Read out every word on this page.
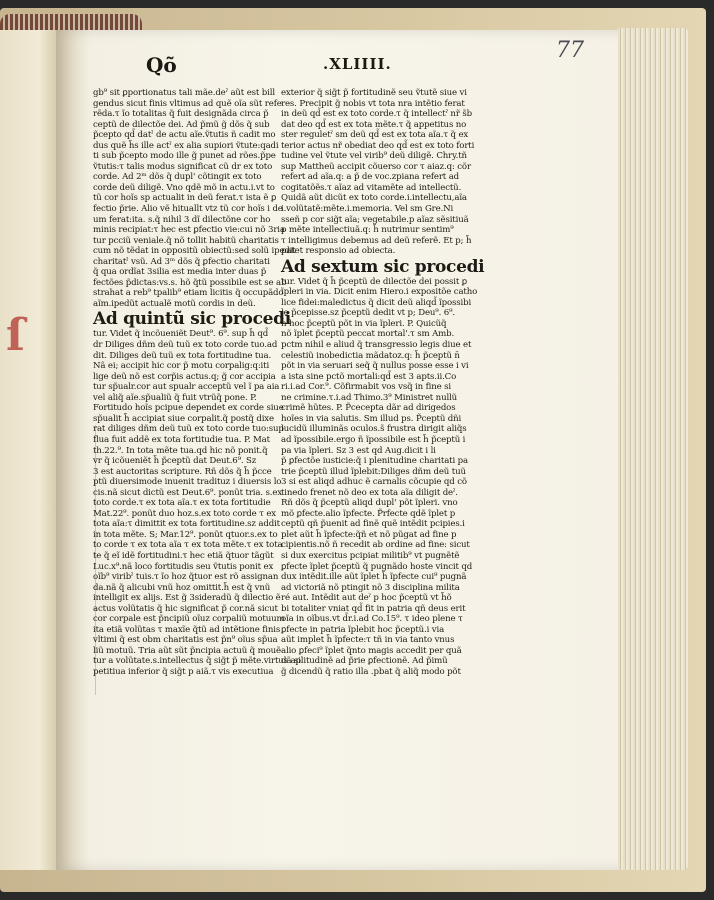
ſ
Qõ	.XLIIII.
77
gb⁹ sit ꝑportionatus tali mãe.deˀ aũt est bill
gendus sicut finis vltimus ad quẽ oĩa sũt refe
rẽda.τ ĩo totalitas q̃ fuit designãda circa p̃
ceptũ de dilectõe dei. Ad p̃mũ g̃ dõs q̃ sub
p̃cepto qd̃ datˀ de actu aĩe.ṽtutis ñ cadit mo
dus quẽ h̃s ille actˀ ex alia supiori ṽtute:qadi
ti sub p̃cepto modo ille g̃ punet ad rões.p̃pe
ṽtutis:τ talis modus significat cũ dr ex toto
corde. Ad 2ᵐ dõs q̃ dupl' cõtingit ex toto
corde deũ diligẽ. Vno qdẽ mõ in actu.i.vt to
tũ cor hoĩs sp actualit in deũ ferat.τ ista ẽ ꝑ
fectio p̃rie. Alio vẽ hituallt vtz tũ cor hoĩs i de
um ferat:ita. s.q̃ nihil 3 dĩ dilectõne cor ho
minis recipiat:τ hec est ꝑfectio vie:cui nõ 3ria
tur pcciũ veniale.q̃ nõ tollit habitũ charitatis
cum nõ tẽdat in oppositũ obiectũ:sed solũ ipedit
charitatˀ vsũ. Ad 3ᵐ dõs q̃ ꝑfectio charitati
q̃ qua ordĩat 3silia est media inter duas p̃
fectões p̃dictas:vs.s. hõ q̃tũ possibile est se ab
strahat a reb⁹ tpalib⁹ etiam licitis q̃ occupãdo
aĩm.ipedũt actualẽ motũ cordis in deũ.
Ad quintũ sic procedi
tur. Videt q̃ incõueniẽt Deut⁹. 6⁹. sup h̃ qd̃
dr Diliges dñm deũ tuũ ex toto corde tuo.ad
dit. Diliges deũ tuũ ex tota fortitudine tua.
Nã ei; accipit hic cor p̃ motu corpalig:q:iti
lige deũ nõ est corp̃is actus.q; g̃ cor accipia
tur sp̃ualr.cor aut spualr acceptũ vel ĩ pa aia
vel aliq̃ aĩe.sp̃ualiũ q̃ fuit vtrũq̃ pone. P.
Fortitudo hoĩs pcipue dependet ex corde siue
sp̃ualit h̃ accipiat siue corpalit.q̃ postq̃ dixe
rat diliges dñm deũ tuũ ex toto corde tuo:sup
flua fuit addẽ ex tota fortitudie tua. P. Mat
th.22.⁹. In tota mẽte tua.qd hic nõ ponit.q̃
vr q̃ icõueniẽt h̃ p̃ceptũ dat Deut.6⁹. Sz
3 est auctoritas scripture. Rñ dõs q̃ h̃ p̃cce
ptũ diuersimode inuenit tradituz i diuersis lo
cis.nã sicut dictũ est Deut.6⁹. ponũt tria. s.ex
toto corde.τ ex tota aĩa.τ ex tota fortitudie
Mat.22⁹. ponũt duo hoz.s.ex toto corde τ ex
tota aĩa:τ dimittit ex tota fortitudine.sz addit
in tota mẽte. S; Mar.12⁹. ponũt qtuor.s.ex to
to corde τ ex tota aĩa τ ex tota mẽte.τ ex tota
te q̃ eĩ idẽ fortitudini.τ hec etiã q̃tuor tãgũt
Luc.x⁹.nã loco fortitudis seu ṽtutis ponit ex
oĩb⁹ viribˀ tuis.τ ĩo hoz q̃tuor est rõ assignan
da.nã q̃ alicubi vnũ hoz omittit.h̃ est q̃ vnũ
intelligit ex alijs. Est g̃ 3sideradũ q̃ dilectio ẽ
actus volũtatis q̃ hic significat p̃ cor.nã sicut
cor corpale est p̃ncipiũ oĩuz corpaliũ motuum
ita etiã volũtas τ maxĩe q̃tũ ad intẽtione finis
vltimi q̃ est obm charitatis est p̃n⁹ oĩus sp̃ua
liũ motuũ. Tria aũt sũt p̃ncipia actuũ q̃ mouẽ
tur a volũtate.s.intellectus q̃ sig̃t p̃ mẽte.virtus ap
petitiua inferior q̃ sig̃t p aiã.τ vis executiua
exterior q̃ sig̃t p̃ fortitudinẽ seu ṽtutẽ siue vi
res. Precipit g̃ nobis vt tota nra intẽtio ferat
in deũ qd̃ est ex toto corde.τ q̃ intellectˀ nr̃ s̃b
dat deo qd̃ est ex tota mẽte.τ q̃ appetitus no
ster reguletˀ sm deũ qd̃ est ex tota aĩa.τ q̃ ex
terior actus nr̃ obediat deo qd̃ est ex toto forti
tudine vel ṽtute vel virib⁹ deũ diligẽ. Chry.tñ
sup Mattheũ accipit cõuerso cor τ aiaz.q: cõr
refert ad aĩa.q: a p̃ de voc.zpiana refert ad
cogitatõẽs.τ aĩaz ad vitamẽte ad intellectũ.
Quidã aũt dicũt ex toto corde.i.intellectu,aĩa
i.volũtatẽ:mẽte.i.memoria. Vel sm Gre.Ni
sseñ p cor sig̃t aĩa; vegetabile.p aĩaz sẽsitiuã
p mẽte intellectiuã.q: h̃ nutrimur sentim⁹
τ intelligimus debemus ad deũ referẽ. Et p; h̃
patet responsio ad obiecta.
Ad sextum sic procedi
tur. Videt q̃ h̃ p̃ceptũ de dilectõe dei possit ꝑ
ĩpleri in via. Dicit enim Hiero.i expositõe catho
lice fidei:maledictus q̃ dicit deũ aliqd̃ ĩpossibi
le p̃cepisse.sz p̃ceptũ dedit vt p; Deu⁹. 6⁹.
h̃ hoc p̃ceptũ põt in via ĩpleri. P. Quicũq̃
nõ ĩplet p̃ceptũ peccat mortal'.τ sm Amb.
pctm nihil e aliud q̃ transgressio legis diue et
celestiũ inobedictia mãdatoz.q: h̃ p̃ceptũ n̄
põt in via seruari seq̃ q̃ nullus posse esse i vi
a ista sine pctõ mortali:qd̃ est 3 apts.ii.Co
ri.i.ad Cor.⁹. Cõfirmabit vos vsq̃ in fine si
ne crimine.τ.i.ad Thimo.3⁹ Ministret nullũ
crimẽ hũtes. P. P̃cecepta dãr ad dirigedos
hoĩes in via salutis. Sm illud ps. P̃ceptũ dñi
lucidũ illuminãs oculos.s̃ frustra dirigit aliq̃s
ad ĩpossibile.ergo ñ ĩpossibile est h̃ p̃ceptũ i
pa via ĩpleri. Sz 3 est qd Aug.dicit i li
p̃ ꝑfectõe iusticie:q̃ i plenitudine charitati pa
trie p̃ceptũ illud ĩplebit:Diliges dñm deũ tuũ
3 si est aliqd adhuc ẽ carnalis cõcupie qd cõ
tinedo frenet nõ deo ex tota aĩa diligit deˀ.
Rñ dõs q̃ p̃ceptũ aliqd dupl' põt ĩpleri. vno
mõ ꝑfecte.alio ĩpfecte. P̃rfecte qdẽ ĩplet p
ceptũ qñ p̃uenit ad finẽ quẽ intẽdit pcipies.i
plet aũt h̃ ĩpfecte:q̃ñ et nõ pũgat ad fine p
cipientis.nõ ñ recedit ab ordine ad fine: sicut
si dux exercitus pcipiat militib⁹ vt pugnẽtẽ
ꝑfecte ĩplet p̃ceptũ q̃ pugnãdo hoste vincit qd
dux intẽdit.ille aũt ĩplet h̃ ĩpfecte cui⁹ pugnã
ad victoriã nõ ptingit nõ 3 disciplina milita
ré aut. Intẽdit aut deˀ p hoc p̃ceptũ vt h̃õ
bi totaliter vniat qd̃ fit in patria qñ deus erit
oĩa in oĩbus.vt d̃r.i.ad Co.15⁹. τ ideo plene τ
ꝑfecte in patria ĩplebit hoc p̃ceptũ.i via
aũt implet h̃ ĩpfecte:τ tñ in via tanto vnus
alio ꝑfeci⁹ ĩplet q̃nto magis accedit per quã
dã silitudinẽ ad p̃rie ꝑfectionẽ. Ad p̃imũ
g̃ dicendũ q̃ ratio illa .pbat q̃ aliq̃ modo põt
